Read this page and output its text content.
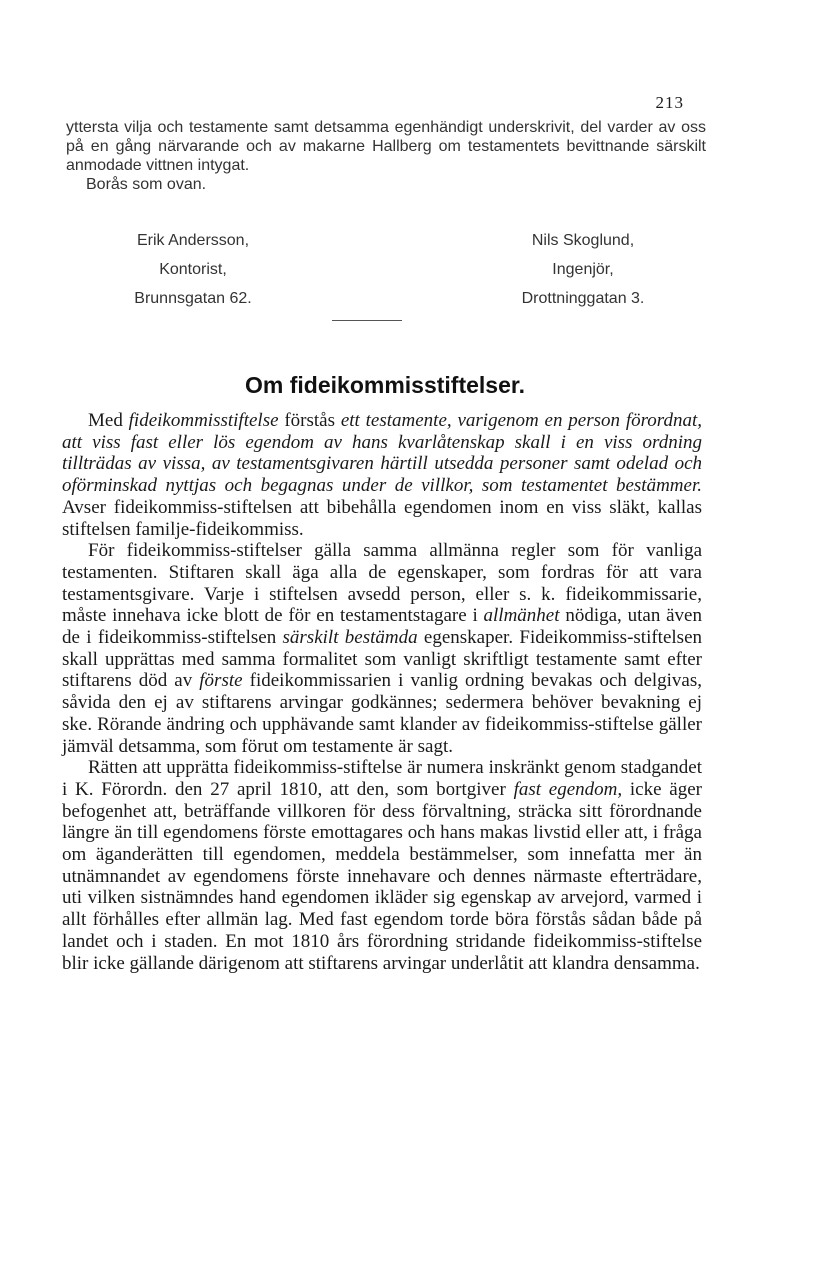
213

yttersta vilja och testamente samt detsamma egenhändigt underskrivit, del varder av oss på en gång närvarande och av makarne Hallberg om testamentets bevittnande särskilt anmodade vittnen intygat.

Borås som ovan.

Erik Andersson,
Kontorist,
Brunnsgatan 62.
Nils Skoglund,
Ingenjör,
Drottninggatan 3.
Om fideikommisstiftelser.

Med fideikommisstiftelse förstås ett testamente, varigenom en person förordnat, att viss fast eller lös egendom av hans kvarlåtenskap skall i en viss ordning tillträdas av vissa, av testamentsgivaren härtill utsedda personer samt odelad och oförminskad nyttjas och begagnas under de villkor, som testamentet bestämmer. Avser fideikommiss-stiftelsen att bibehålla egendomen inom en viss släkt, kallas stiftelsen familje-fideikommiss.

För fideikommiss-stiftelser gälla samma allmänna regler som för vanliga testamenten. Stiftaren skall äga alla de egenskaper, som fordras för att vara testamentsgivare. Varje i stiftelsen avsedd person, eller s. k. fideikommissarie, måste innehava icke blott de för en testamentstagare i allmänhet nödiga, utan även de i fideikommiss-stiftelsen särskilt bestämda egenskaper. Fideikommiss-stiftelsen skall upprättas med samma formalitet som vanligt skriftligt testamente samt efter stiftarens död av förste fideikommissarien i vanlig ordning bevakas och delgivas, såvida den ej av stiftarens arvingar godkännes; sedermera behöver bevakning ej ske. Rörande ändring och upphävande samt klander av fideikommiss-stiftelse gäller jämväl detsamma, som förut om testamente är sagt.

Rätten att upprätta fideikommiss-stiftelse är numera inskränkt genom stadgandet i K. Förordn. den 27 april 1810, att den, som bortgiver fast egendom, icke äger befogenhet att, beträffande villkoren för dess förvaltning, sträcka sitt förordnande längre än till egendomens förste emottagares och hans makas livstid eller att, i fråga om äganderätten till egendomen, meddela bestämmelser, som innefatta mer än utnämnandet av egendomens förste innehavare och dennes närmaste efterträdare, uti vilken sistnämndes hand egendomen ikläder sig egenskap av arvejord, varmed i allt förhålles efter allmän lag. Med fast egendom torde böra förstås sådan både på landet och i staden. En mot 1810 års förordning stridande fideikommiss-stiftelse blir icke gällande därigenom att stiftarens arvingar underlåtit att klandra densamma.
